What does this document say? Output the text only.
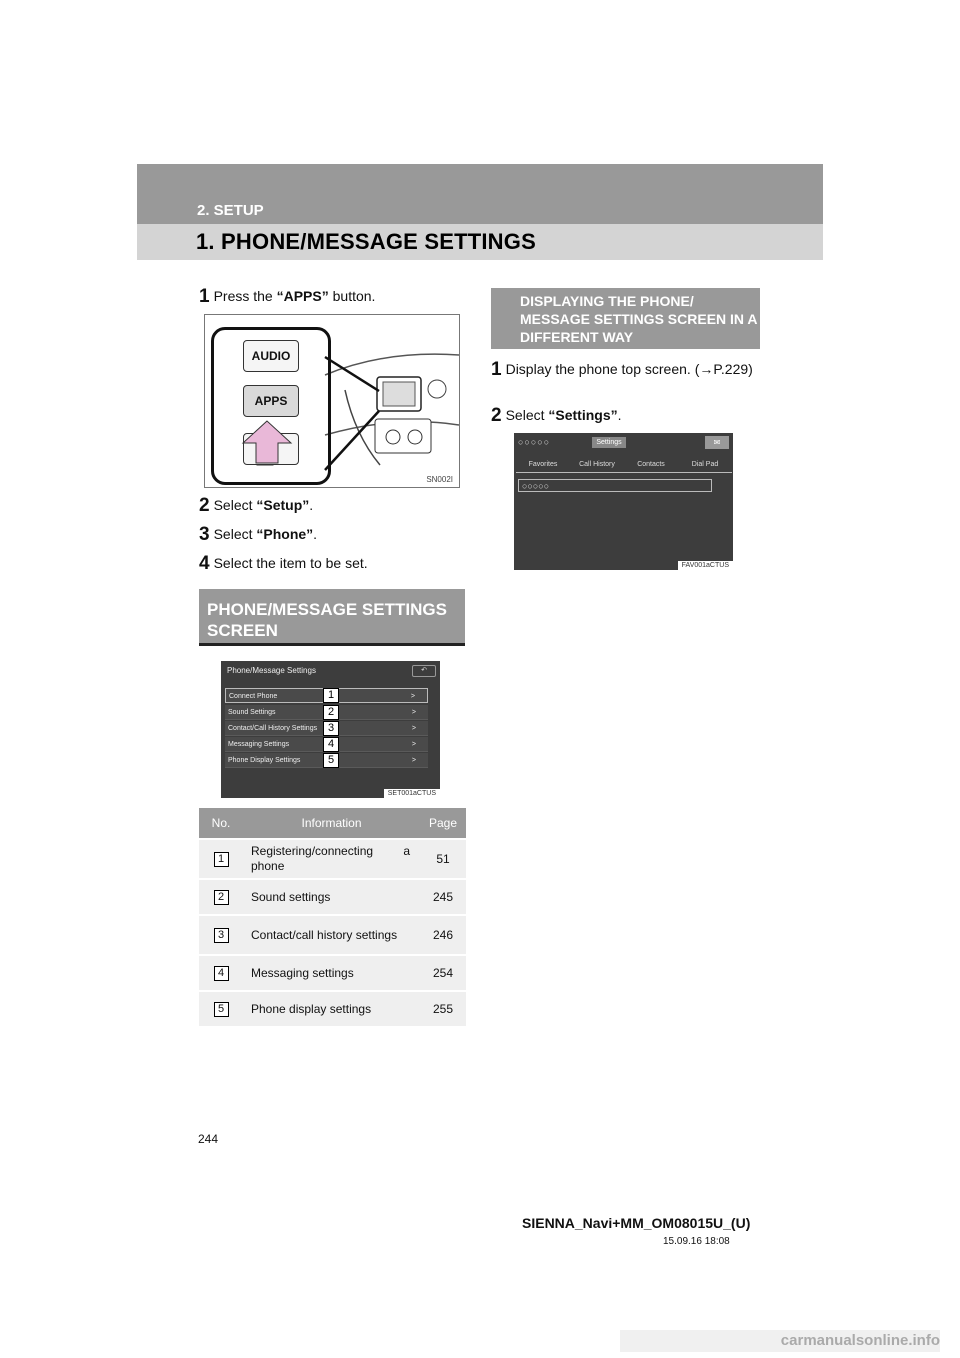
2. SETUP
1. PHONE/MESSAGE SETTINGS
1 Press the “APPS” button.
AUDIO
APPS
SN002I
2 Select “Setup”.
3 Select “Phone”.
4 Select the item to be set.
PHONE/MESSAGE SETTINGS SCREEN
Phone/Message Settings	↶
Connect Phone	>
Sound Settings	>
Contact/Call History Settings	>
Messaging Settings	>
Phone Display Settings	>
1
2
3
4
5
SET001aCTUS
No.	Information	Page
1	Registering/connecting a phone	51
2	Sound settings	245
3	Contact/call history settings	246
4	Messaging settings	254
5	Phone display settings	255
DISPLAYING THE PHONE/ MESSAGE SETTINGS SCREEN IN A DIFFERENT WAY
1 Display the phone top screen. (→P.229)
2 Select “Settings”.
○○○○○	Settings	✉
Favorites	Call History	Contacts	Dial Pad
○○○○○
FAV001aCTUS
244
SIENNA_Navi+MM_OM08015U_(U)
15.09.16 18:08
carmanualsonline.info
